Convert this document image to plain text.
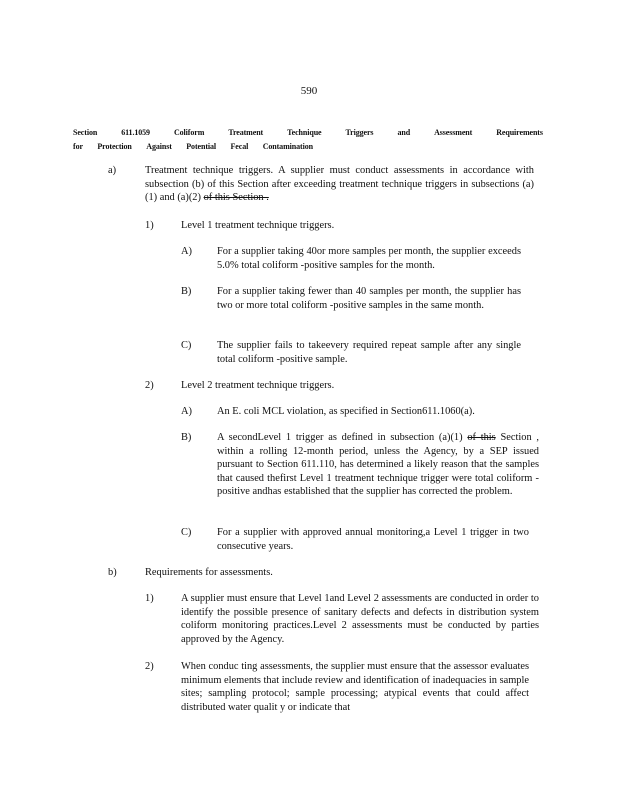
590
Section	611.1059	Coliform	Treatment	Technique	Triggers	and	Assessment	Requirements
for Protection Against Potential Fecal Contamination
a)	Treatment technique triggers. A supplier must conduct assessments in accordance with subsection (b) of this Section after exceeding treatment technique triggers in subsections (a)(1) and (a)(2) of this Section .
1)	Level 1 treatment technique triggers.
A) For a supplier taking 40or more samples per month, the supplier exceeds 5.0% total coliform -positive samples for the month.
B) For a supplier taking fewer than 40 samples per month, the supplier has two or more total coliform -positive samples in the same month.
C) The supplier fails to takeevery required repeat sample after any single total coliform -positive sample.
2)	Level 2 treatment technique triggers.
A) An E. coli MCL violation, as specified in Section611.1060(a).
B) A secondLevel 1 trigger as defined in subsection (a)(1) of this Section , within a rolling 12-month period, unless the Agency, by a SEP issued pursuant to Section 611.110, has determined a likely reason that the samples that caused thefirst Level 1 treatment technique trigger were total coliform -positive andhas established that the supplier has corrected the problem.
C) For a supplier with approved annual monitoring,a Level 1 trigger in two consecutive years.
b)	Requirements for assessments.
1)	A supplier must ensure that Level 1and Level 2 assessments are conducted in order to identify the possible presence of sanitary defects and defects in distribution system coliform monitoring practices.Level 2 assessments must be conducted by parties approved by the Agency.
2)	When conduc ting assessments, the supplier must ensure that the assessor evaluates minimum elements that include review and identification of inadequacies in sample sites; sampling protocol; sample processing; atypical events that could affect distributed water qualit y or indicate that
